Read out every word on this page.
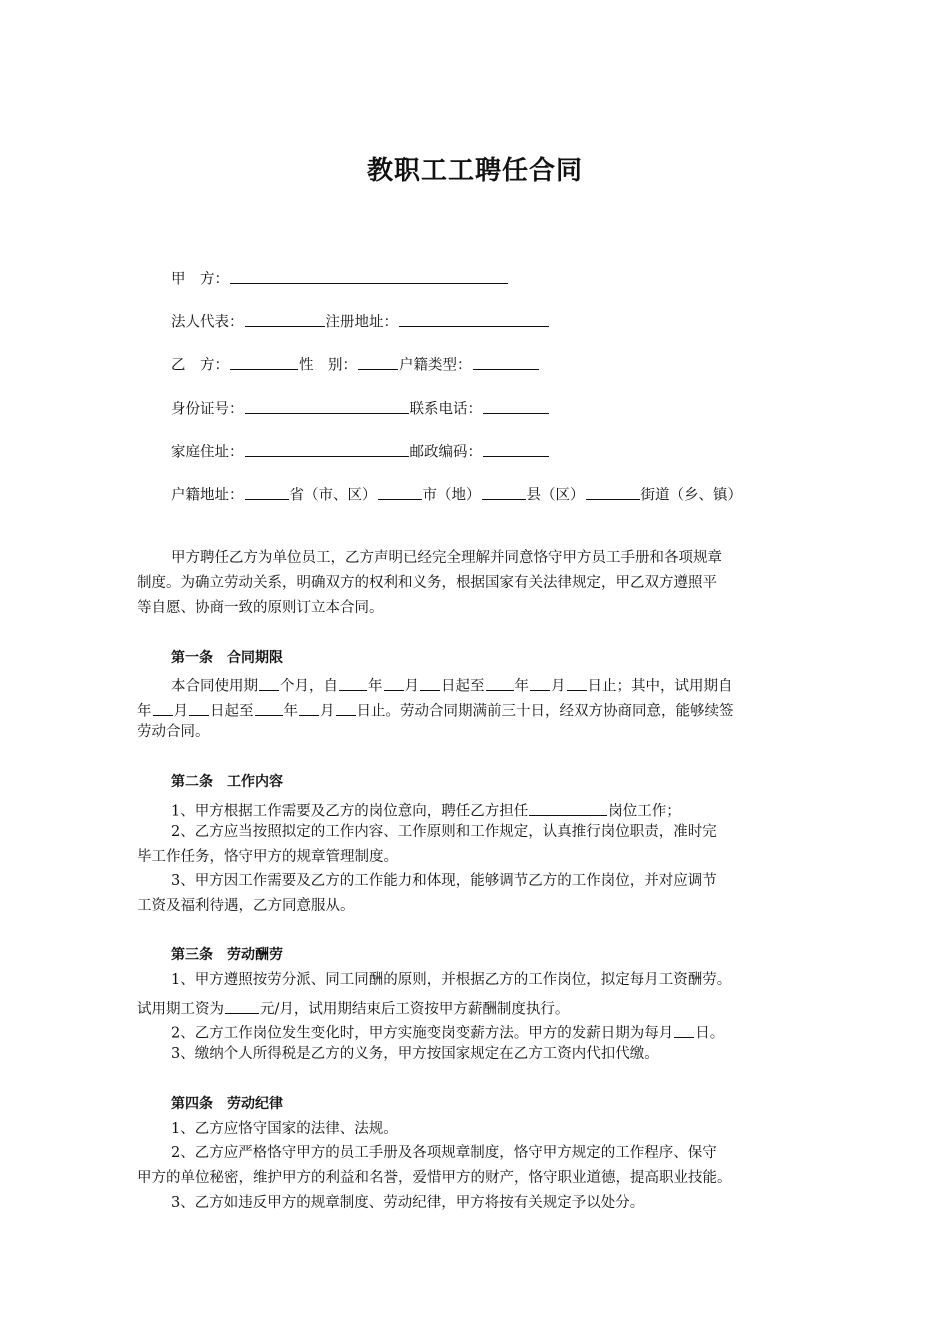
教职工工聘任合同
甲　方：
法人代表：	注册地址：
乙　方：	性　别：	户籍类型：
身份证号：	联系电话：
家庭住址：	邮政编码：
户籍地址：	省（市、区）	市（地）	县（区）	街道（乡、镇）
甲方聘任乙方为单位员工，乙方声明已经完全理解并同意恪守甲方员工手册和各项规章
制度。为确立劳动关系，明确双方的权利和义务，根据国家有关法律规定，甲乙双方遵照平
等自愿、协商一致的原则订立本合同。
第一条　合同期限
本合同使用期 个月，自 年 月 日起至 年 月 日止；其中，试用期自
年 月 日起至 年 月 日止。劳动合同期满前三十日，经双方协商同意，能够续签
劳动合同。
第二条　工作内容
1、甲方根据工作需要及乙方的岗位意向，聘任乙方担任	岗位工作；
2、乙方应当按照拟定的工作内容、工作原则和工作规定，认真推行岗位职责，准时完
毕工作任务，恪守甲方的规章管理制度。
3、甲方因工作需要及乙方的工作能力和体现，能够调节乙方的工作岗位，并对应调节
工资及福利待遇，乙方同意服从。
第三条　劳动酬劳
1、甲方遵照按劳分派、同工同酬的原则，并根据乙方的工作岗位，拟定每月工资酬劳。
试用期工资为 元/月，试用期结束后工资按甲方薪酬制度执行。
2、乙方工作岗位发生变化时，甲方实施变岗变薪方法。甲方的发薪日期为每月 日。
3、缴纳个人所得税是乙方的义务，甲方按国家规定在乙方工资内代扣代缴。
第四条　劳动纪律
1、乙方应恪守国家的法律、法规。
2、乙方应严格恪守甲方的员工手册及各项规章制度，恪守甲方规定的工作程序、保守
甲方的单位秘密，维护甲方的利益和名誉，爱惜甲方的财产，恪守职业道德，提高职业技能。
3、乙方如违反甲方的规章制度、劳动纪律，甲方将按有关规定予以处分。
